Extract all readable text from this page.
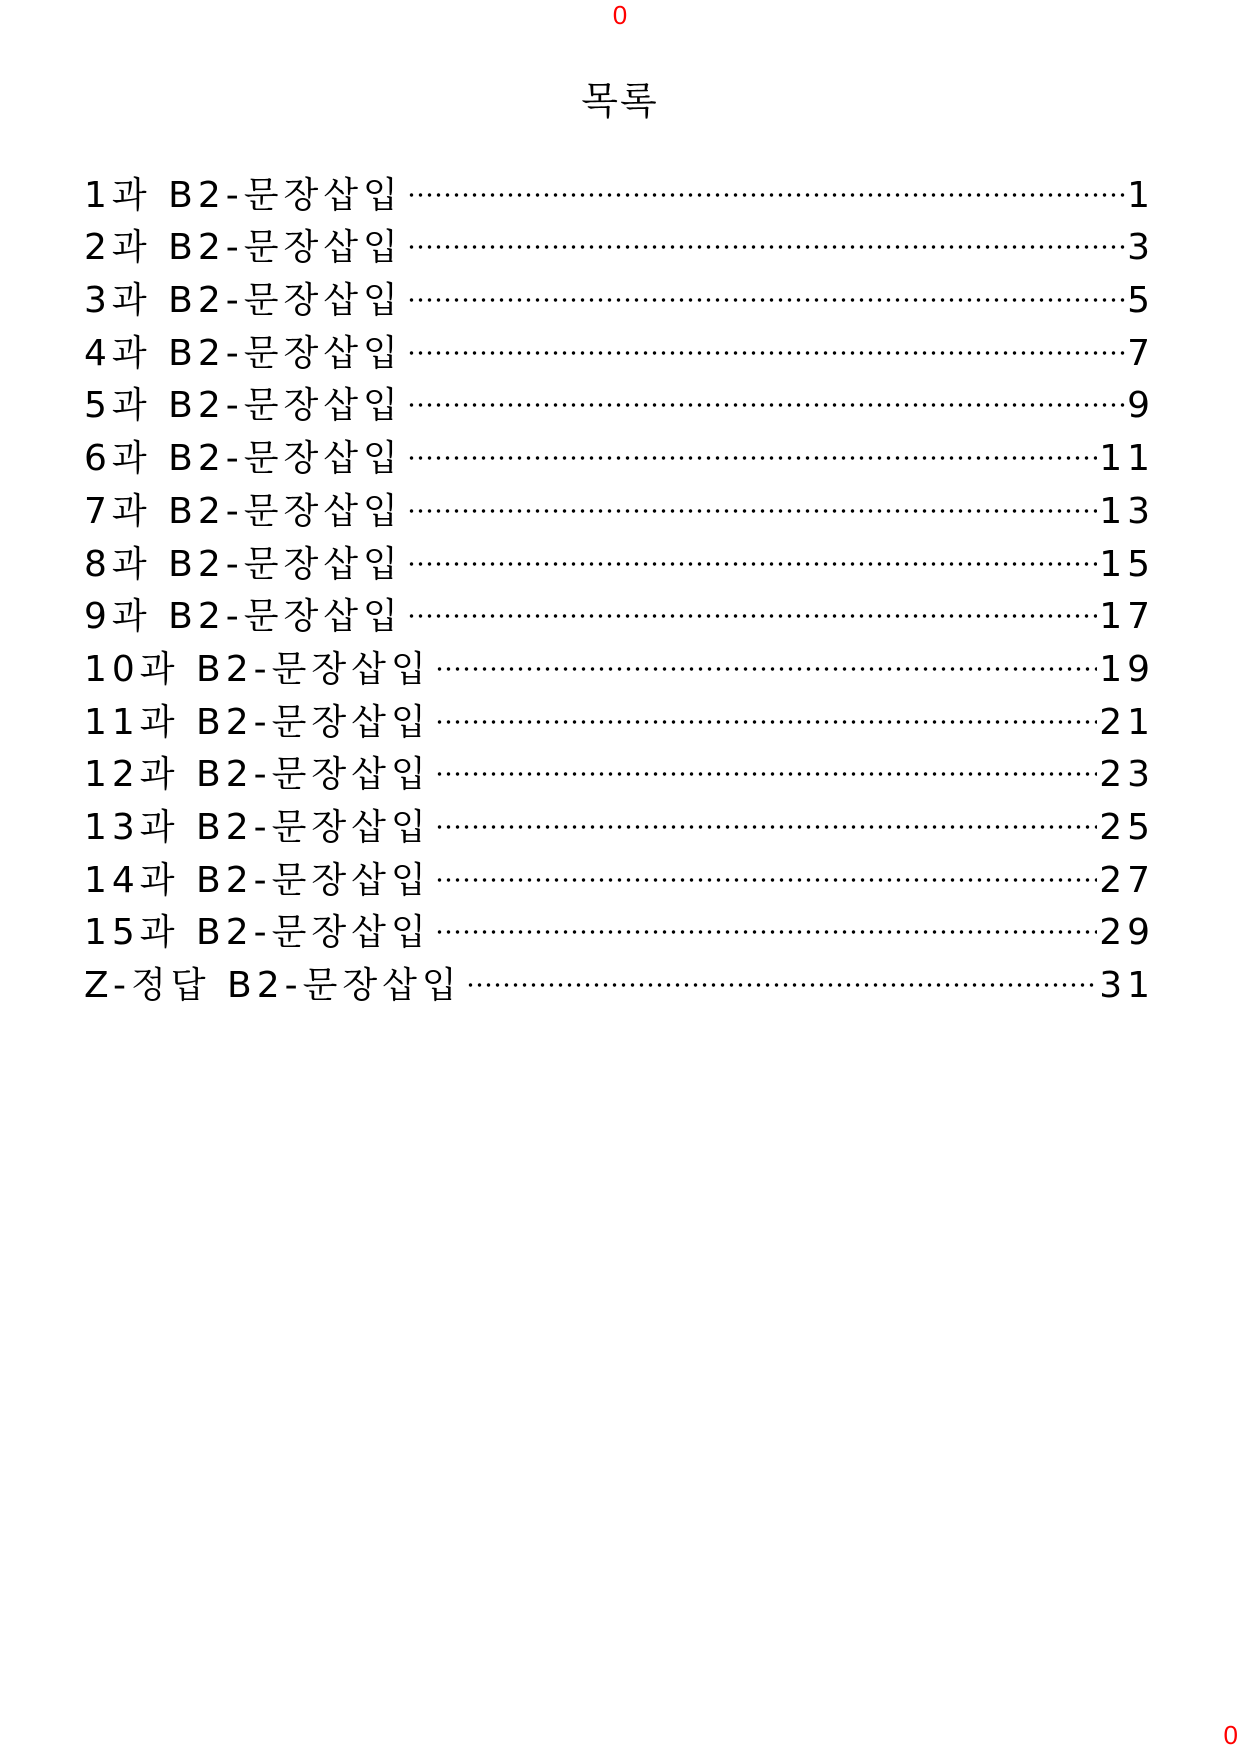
0
목록
1과 B2-문장삽입	1
2과 B2-문장삽입	3
3과 B2-문장삽입	5
4과 B2-문장삽입	7
5과 B2-문장삽입	9
6과 B2-문장삽입	11
7과 B2-문장삽입	13
8과 B2-문장삽입	15
9과 B2-문장삽입	17
10과 B2-문장삽입	19
11과 B2-문장삽입	21
12과 B2-문장삽입	23
13과 B2-문장삽입	25
14과 B2-문장삽입	27
15과 B2-문장삽입	29
Z-정답 B2-문장삽입	31
0
